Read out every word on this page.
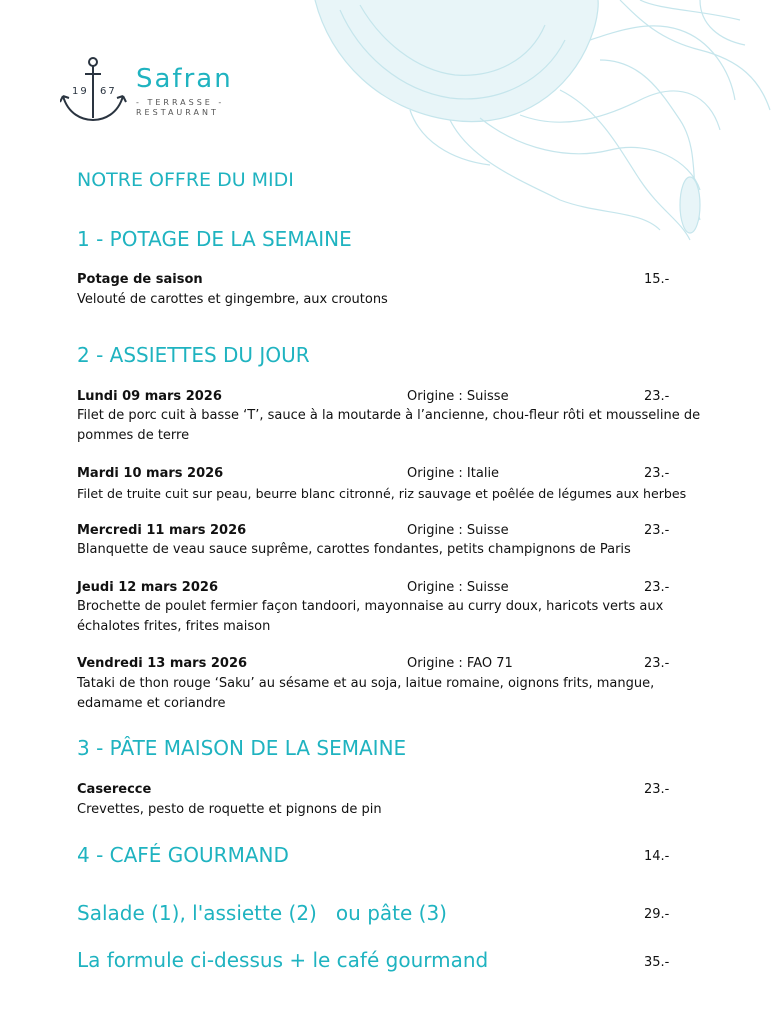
19 67 Safran
- TERRASSE -
RESTAURANT
NOTRE OFFRE DU MIDI
1 - POTAGE DE LA SEMAINE
Potage de saison	15.-
Velouté de carottes et gingembre, aux croutons
2 - ASSIETTES DU JOUR
Lundi 09 mars 2026	Origine : Suisse	23.-
Filet de porc cuit à basse ‘T’, sauce à la moutarde à l’ancienne, chou-fleur rôti et mousseline de pommes de terre
Mardi 10 mars 2026	Origine : Italie	23.-
Filet de truite cuit sur peau, beurre blanc citronné, riz sauvage et poêlée de légumes aux herbes
Mercredi 11 mars 2026	Origine : Suisse	23.-
Blanquette de veau sauce suprême, carottes fondantes, petits champignons de Paris
Jeudi 12 mars 2026	Origine : Suisse	23.-
Brochette de poulet fermier façon tandoori, mayonnaise au curry doux, haricots verts aux échalotes frites, frites maison
Vendredi 13 mars 2026	Origine : FAO 71	23.-
Tataki de thon rouge ‘Saku’ au sésame et au soja, laitue romaine, oignons frits, mangue, edamame et coriandre
3 - PÂTE MAISON DE LA SEMAINE
Caserecce	23.-
Crevettes, pesto de roquette et pignons de pin
4 - CAFÉ GOURMAND	14.-
Salade (1), l'assiette (2)   ou pâte (3)	29.-
La formule ci-dessus + le café gourmand	35.-
